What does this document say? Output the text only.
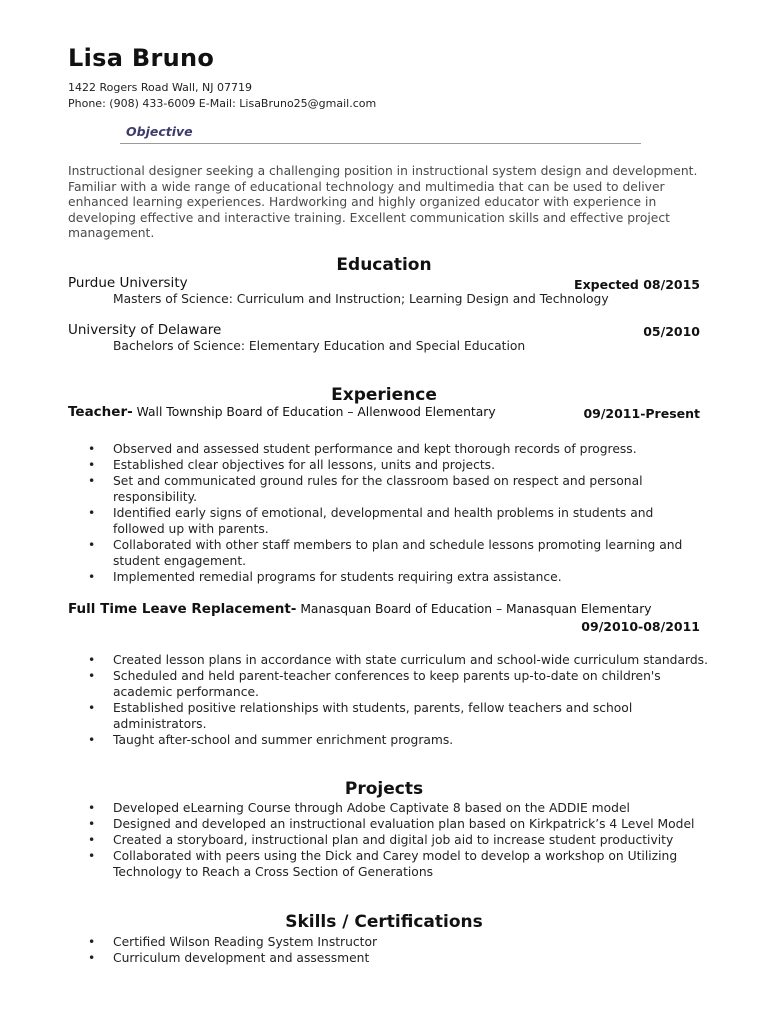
Lisa Bruno
1422 Rogers Road Wall, NJ 07719
Phone: (908) 433-6009 E-Mail: LisaBruno25@gmail.com
Objective
Instructional designer seeking a challenging position in instructional system design and development. Familiar with a wide range of educational technology and multimedia that can be used to deliver enhanced learning experiences. Hardworking and highly organized educator with experience in developing effective and interactive training. Excellent communication skills and effective project management.
Education
Purdue University	Expected 08/2015
Masters of Science: Curriculum and Instruction; Learning Design and Technology
University of Delaware	05/2010
Bachelors of Science: Elementary Education and Special Education
Experience
Teacher- Wall Township Board of Education – Allenwood Elementary	09/2011-Present
• Observed and assessed student performance and kept thorough records of progress.
• Established clear objectives for all lessons, units and projects.
• Set and communicated ground rules for the classroom based on respect and personal responsibility.
• Identified early signs of emotional, developmental and health problems in students and followed up with parents.
• Collaborated with other staff members to plan and schedule lessons promoting learning and student engagement.
• Implemented remedial programs for students requiring extra assistance.
Full Time Leave Replacement- Manasquan Board of Education – Manasquan Elementary
09/2010-08/2011
• Created lesson plans in accordance with state curriculum and school-wide curriculum standards.
• Scheduled and held parent-teacher conferences to keep parents up-to-date on children's academic performance.
• Established positive relationships with students, parents, fellow teachers and school administrators.
• Taught after-school and summer enrichment programs.
Projects
• Developed eLearning Course through Adobe Captivate 8 based on the ADDIE model
• Designed and developed an instructional evaluation plan based on Kirkpatrick’s 4 Level Model
• Created a storyboard, instructional plan and digital job aid to increase student productivity
• Collaborated with peers using the Dick and Carey model to develop a workshop on Utilizing Technology to Reach a Cross Section of Generations
Skills / Certifications
• Certified Wilson Reading System Instructor
• Curriculum development and assessment
